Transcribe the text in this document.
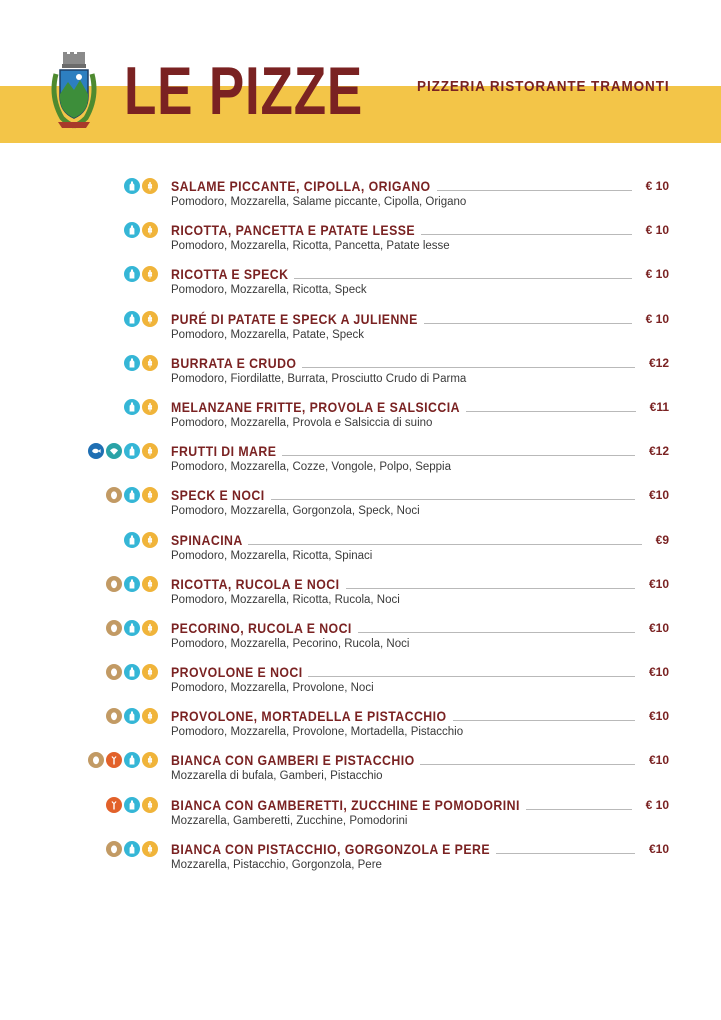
LE PIZZE	PIZZERIA RISTORANTE TRAMONTI
SALAME PICCANTE, CIPOLLA, ORIGANO	€ 10
Pomodoro, Mozzarella, Salame piccante, Cipolla, Origano
RICOTTA, PANCETTA E PATATE LESSE	€ 10
Pomodoro, Mozzarella, Ricotta, Pancetta, Patate lesse
RICOTTA E SPECK	€ 10
Pomodoro, Mozzarella, Ricotta, Speck
PURÉ DI PATATE E SPECK A JULIENNE	€ 10
Pomodoro, Mozzarella, Patate, Speck
BURRATA E CRUDO	€12
Pomodoro, Fiordilatte, Burrata, Prosciutto Crudo di Parma
MELANZANE FRITTE, PROVOLA E SALSICCIA	€11
Pomodoro, Mozzarella, Provola e Salsiccia di suino
FRUTTI DI MARE	€12
Pomodoro, Mozzarella, Cozze, Vongole, Polpo, Seppia
SPECK E NOCI	€10
Pomodoro, Mozzarella, Gorgonzola, Speck, Noci
SPINACINA	€9
Pomodoro, Mozzarella, Ricotta, Spinaci
RICOTTA, RUCOLA E NOCI	€10
Pomodoro, Mozzarella, Ricotta, Rucola, Noci
PECORINO, RUCOLA E NOCI	€10
Pomodoro, Mozzarella, Pecorino, Rucola, Noci
PROVOLONE E NOCI	€10
Pomodoro, Mozzarella, Provolone, Noci
PROVOLONE, MORTADELLA E PISTACCHIO	€10
Pomodoro, Mozzarella, Provolone, Mortadella, Pistacchio
BIANCA CON GAMBERI E PISTACCHIO	€10
Mozzarella di bufala, Gamberi, Pistacchio
BIANCA CON GAMBERETTI, ZUCCHINE E POMODORINI	€ 10
Mozzarella, Gamberetti, Zucchine, Pomodorini
BIANCA CON PISTACCHIO, GORGONZOLA E PERE	€10
Mozzarella, Pistacchio, Gorgonzola, Pere
